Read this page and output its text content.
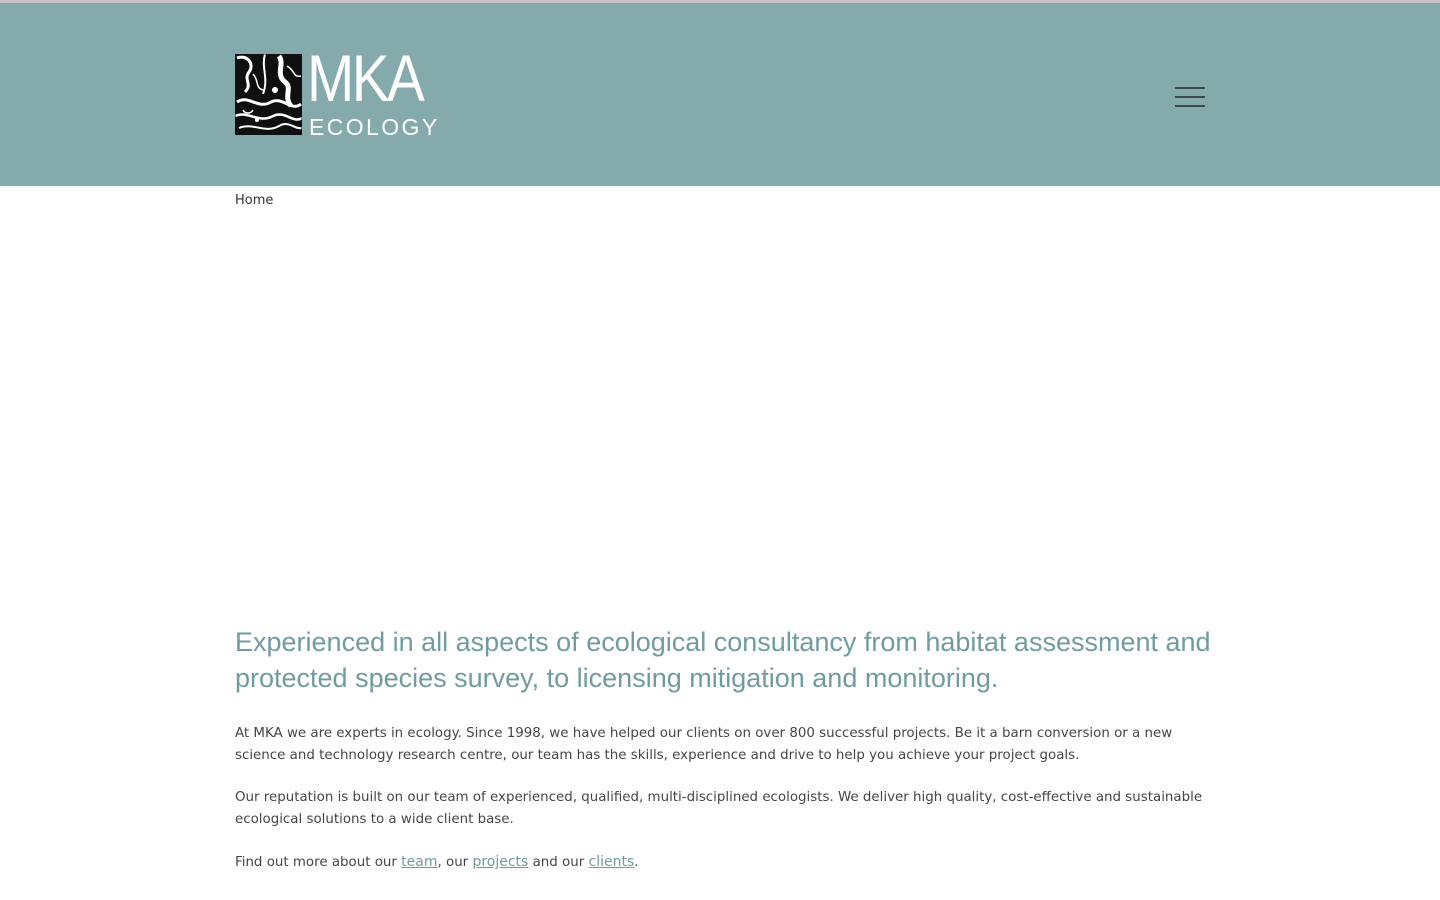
MKA
ECOLOGY
Home
Experienced in all aspects of ecological consultancy from habitat assessment and protected species survey, to licensing mitigation and monitoring.

At MKA we are experts in ecology. Since 1998, we have helped our clients on over 800 successful projects. Be it a barn conversion or a new science and technology research centre, our team has the skills, experience and drive to help you achieve your project goals.

Our reputation is built on our team of experienced, qualified, multi-disciplined ecologists. We deliver high quality, cost-effective and sustainable ecological solutions to a wide client base.

Find out more about our team, our projects and our clients.
